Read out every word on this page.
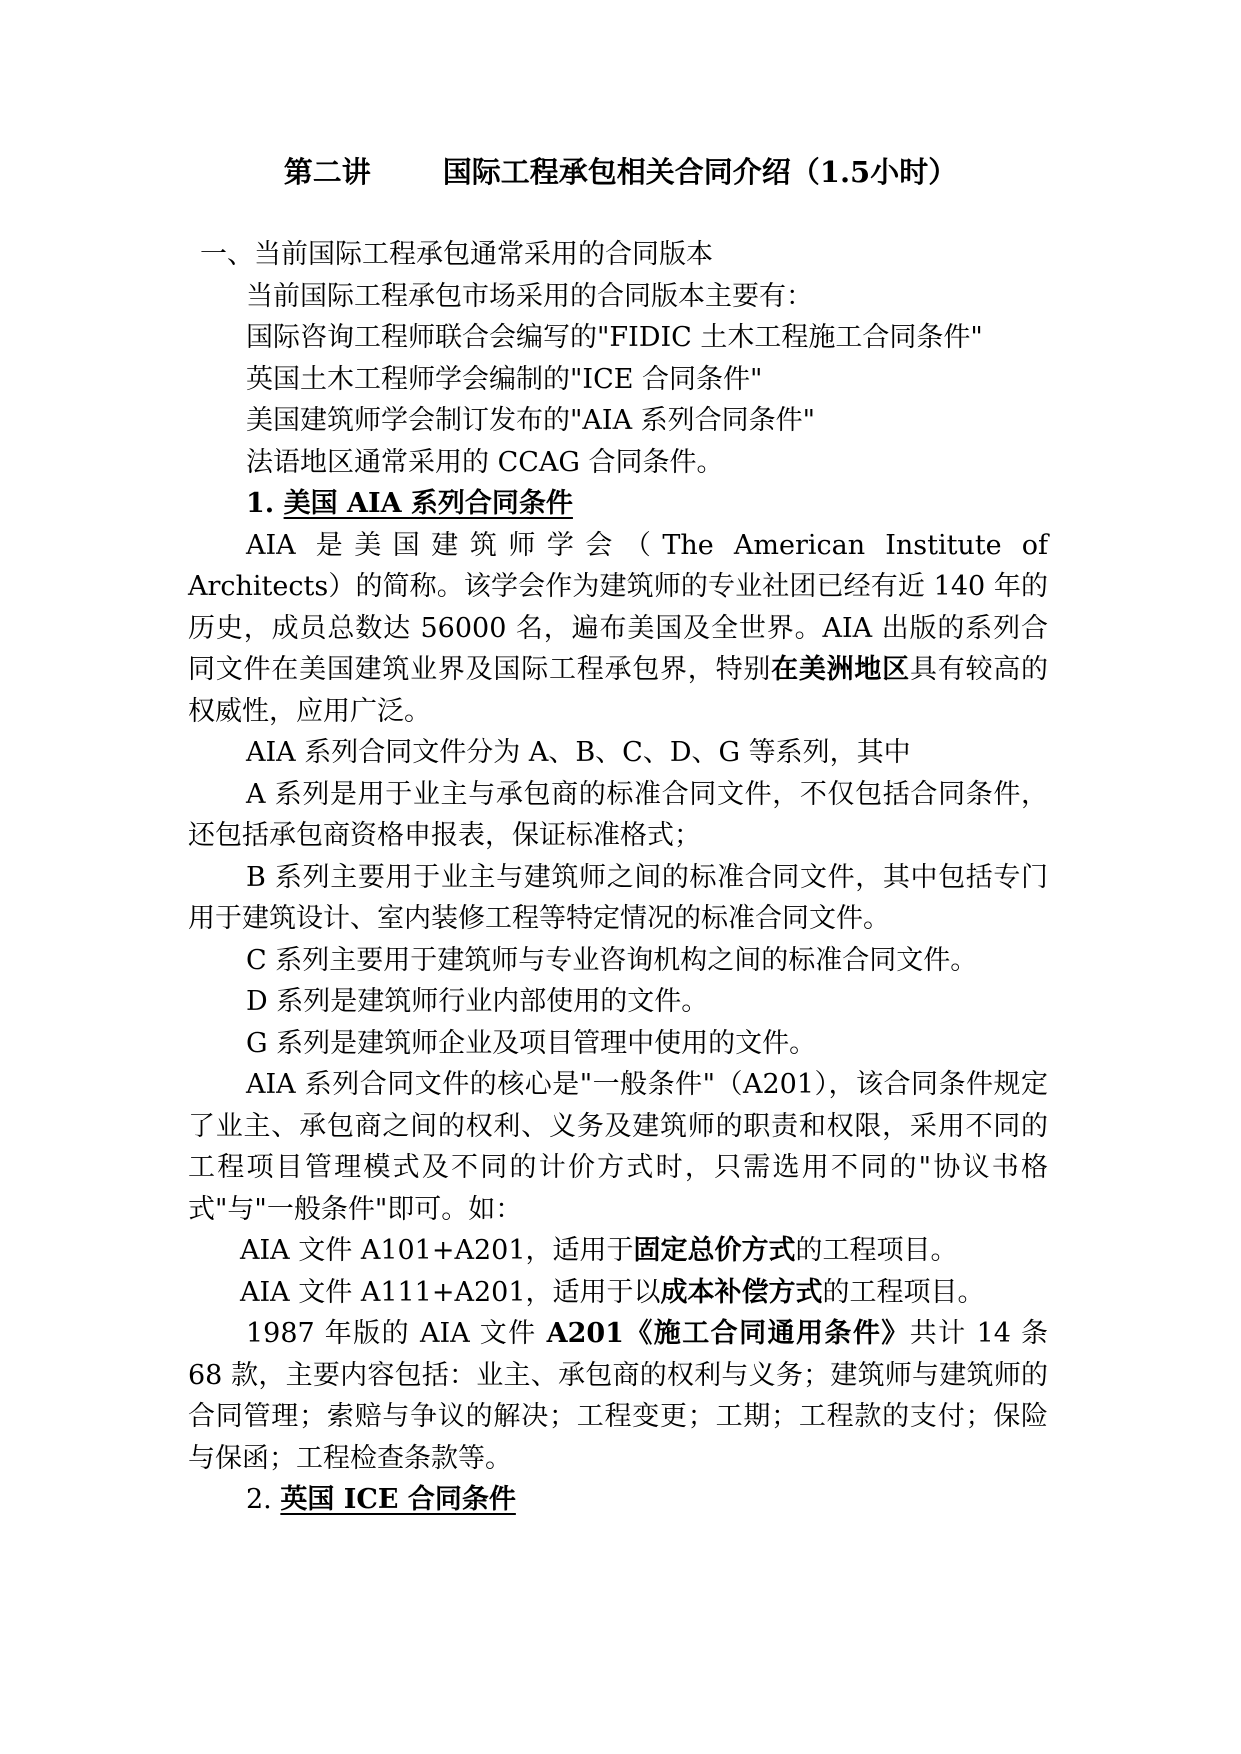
第二讲 国际工程承包相关合同介绍（1.5小时）

一、当前国际工程承包通常采用的合同版本

当前国际工程承包市场采用的合同版本主要有：

国际咨询工程师联合会编写的"FIDIC 土木工程施工合同条件"

英国土木工程师学会编制的"ICE 合同条件"

美国建筑师学会制订发布的"AIA 系列合同条件"

法语地区通常采用的 CCAG 合同条件。

1. 美国 AIA 系列合同条件

AIA 是美国建筑师学会（The American Institute of Architects）的简称。该学会作为建筑师的专业社团已经有近 140 年的历史，成员总数达 56000 名，遍布美国及全世界。AIA 出版的系列合同文件在美国建筑业界及国际工程承包界，特别在美洲地区具有较高的权威性，应用广泛。

AIA 系列合同文件分为 A、B、C、D、G 等系列，其中

A 系列是用于业主与承包商的标准合同文件，不仅包括合同条件，还包括承包商资格申报表，保证标准格式；

B 系列主要用于业主与建筑师之间的标准合同文件，其中包括专门用于建筑设计、室内装修工程等特定情况的标准合同文件。

C 系列主要用于建筑师与专业咨询机构之间的标准合同文件。

D 系列是建筑师行业内部使用的文件。

G 系列是建筑师企业及项目管理中使用的文件。

AIA 系列合同文件的核心是"一般条件"（A201），该合同条件规定了业主、承包商之间的权利、义务及建筑师的职责和权限，采用不同的工程项目管理模式及不同的计价方式时，只需选用不同的"协议书格式"与"一般条件"即可。如：

AIA 文件 A101+A201，适用于固定总价方式的工程项目。

AIA 文件 A111+A201，适用于以成本补偿方式的工程项目。

1987 年版的 AIA 文件 A201《施工合同通用条件》共计 14 条 68 款，主要内容包括：业主、承包商的权利与义务；建筑师与建筑师的合同管理；索赔与争议的解决；工程变更；工期；工程款的支付；保险与保函；工程检查条款等。

2. 英国 ICE 合同条件
